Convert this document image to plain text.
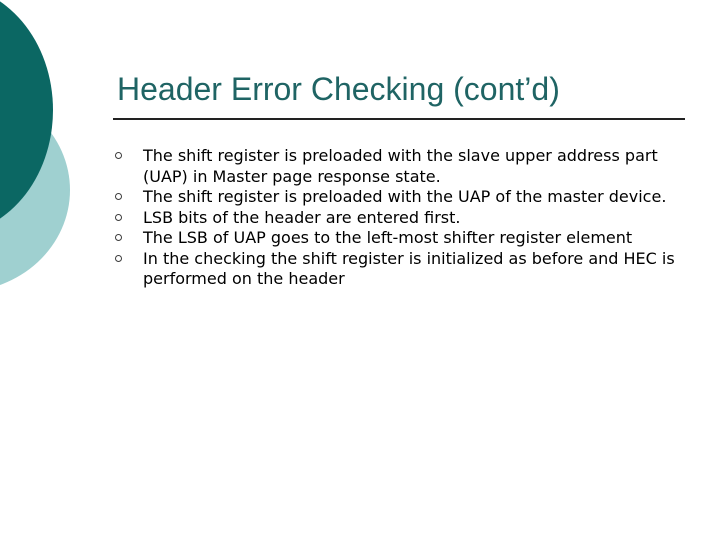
Header Error Checking (cont’d)
The shift register is preloaded with the slave upper address part (UAP) in Master page response state.
The shift register is preloaded with the UAP of the master device.
LSB bits of the header are entered first.
The LSB of UAP goes to the left-most shifter register element
In the checking the shift register is initialized as before and HEC is performed on the header
